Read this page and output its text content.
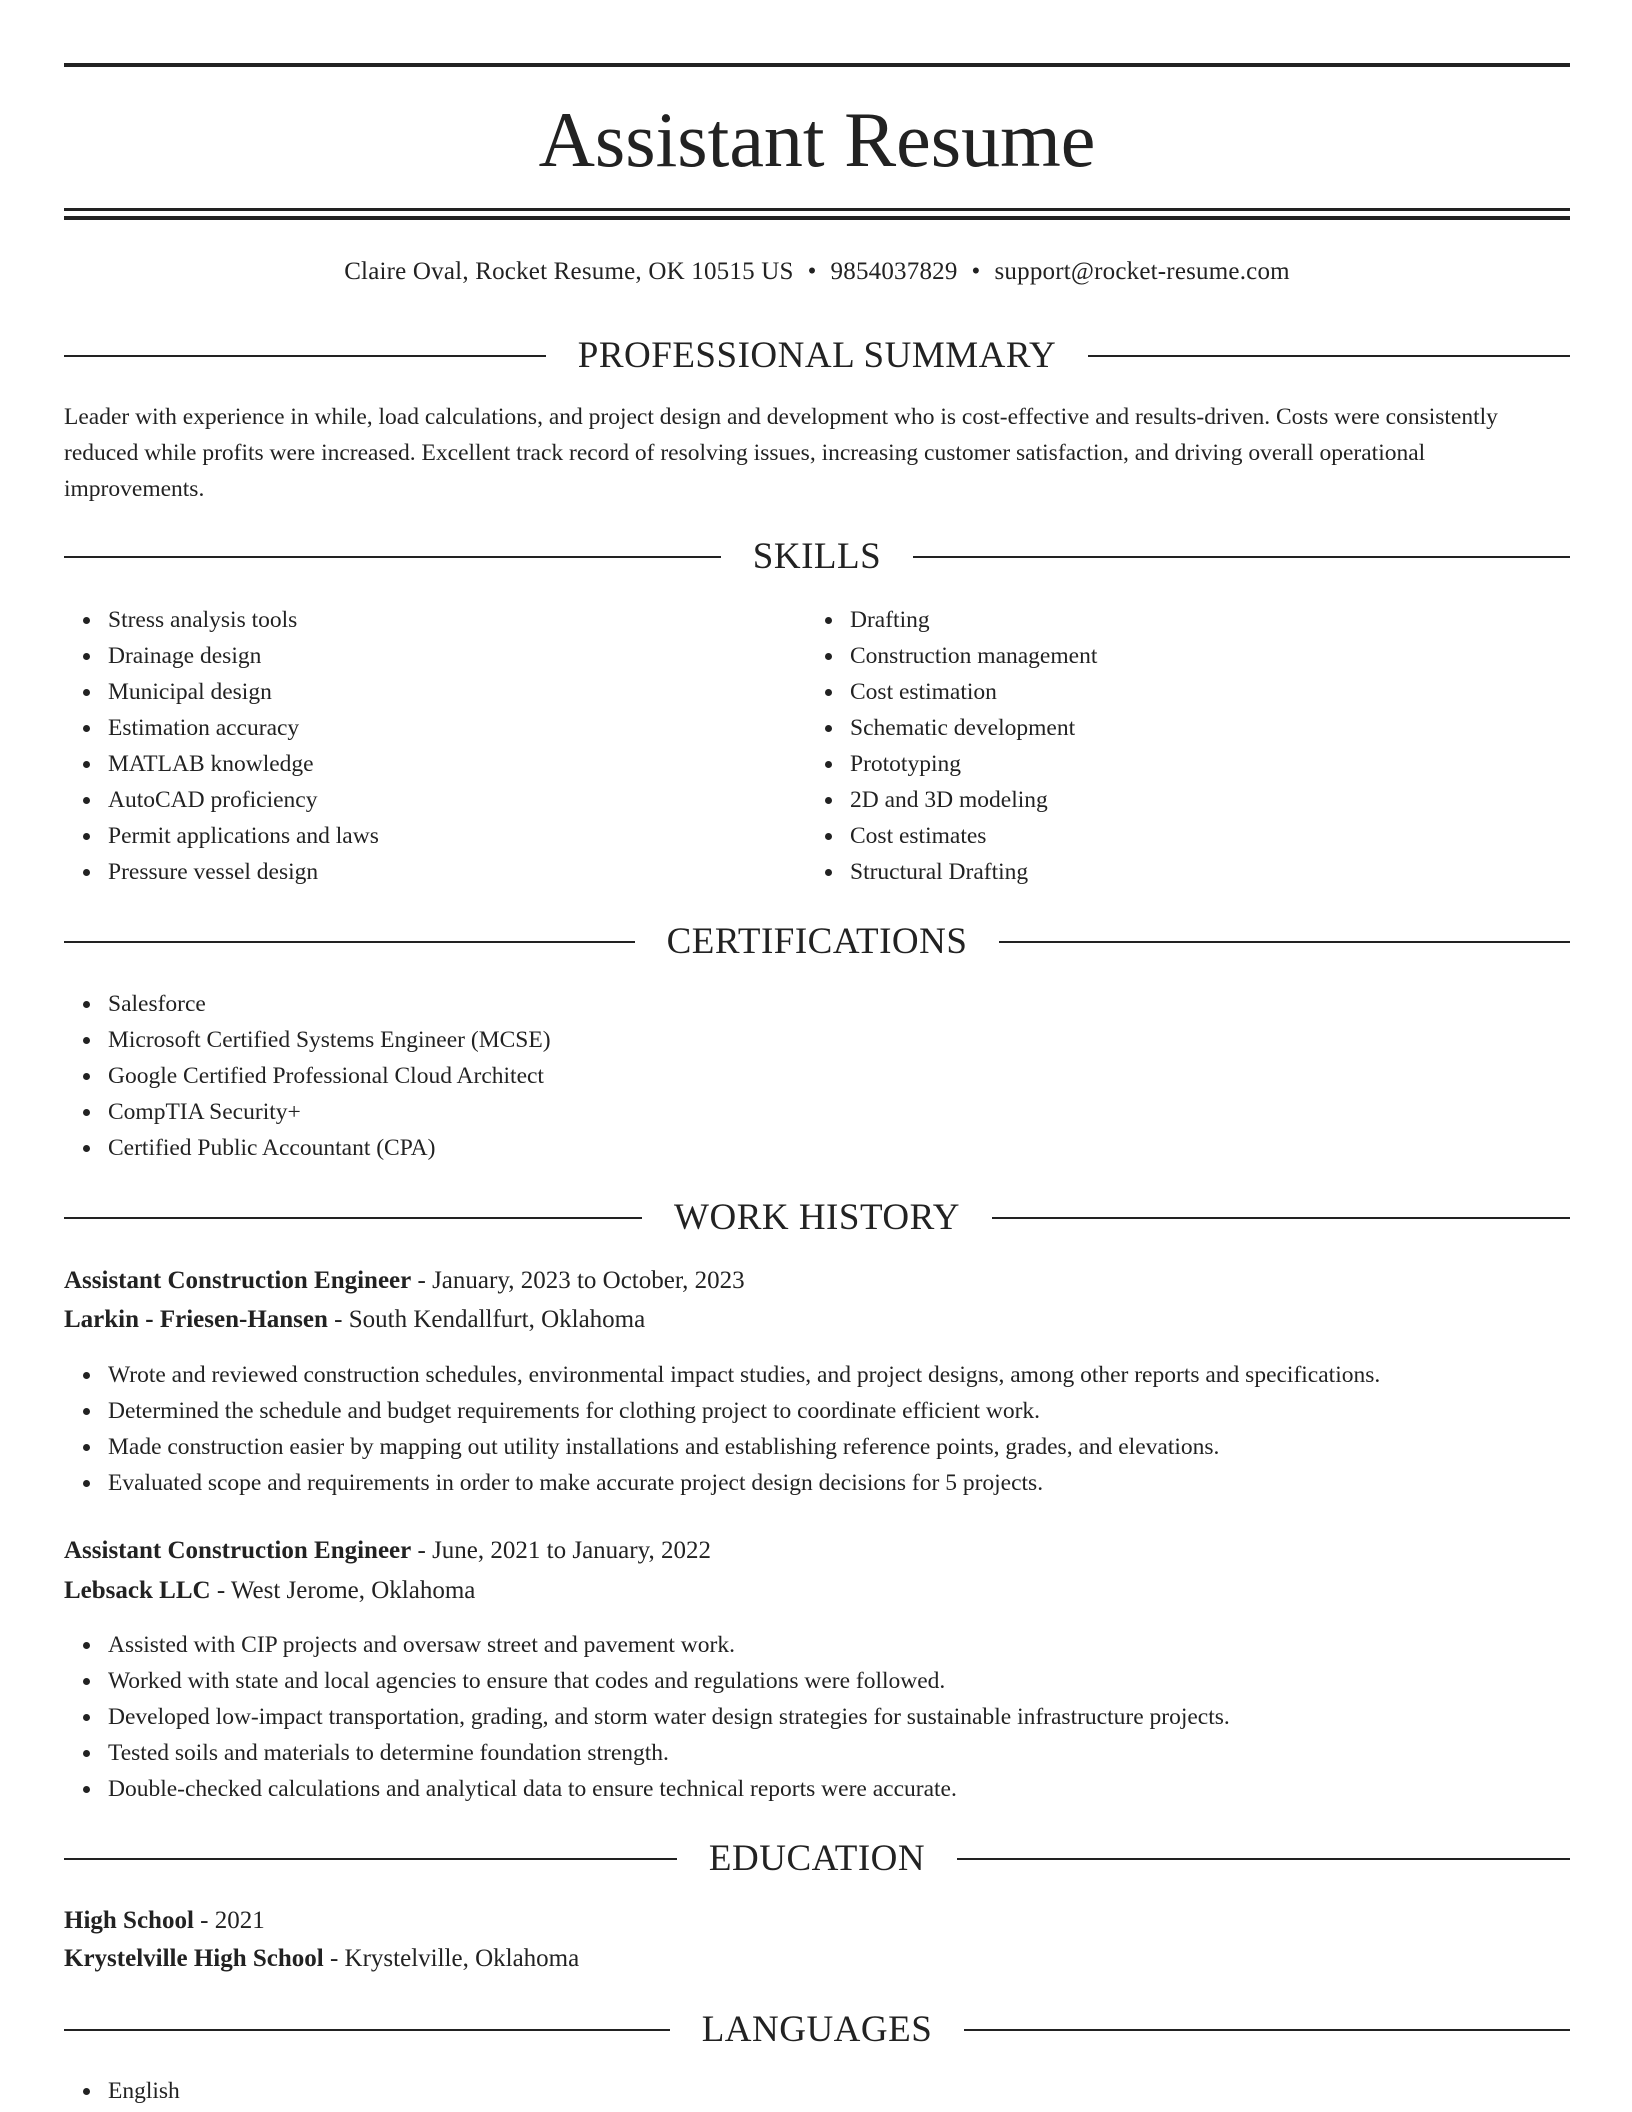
Assistant Resume
Claire Oval, Rocket Resume, OK 10515 US • 9854037829 • support@rocket-resume.com
PROFESSIONAL SUMMARY

Leader with experience in while, load calculations, and project design and development who is cost-effective and results-driven. Costs were consistently reduced while profits were increased. Excellent track record of resolving issues, increasing customer satisfaction, and driving overall operational improvements.

SKILLS
Stress analysis tools
Drainage design
Municipal design
Estimation accuracy
MATLAB knowledge
AutoCAD proficiency
Permit applications and laws
Pressure vessel design
Drafting
Construction management
Cost estimation
Schematic development
Prototyping
2D and 3D modeling
Cost estimates
Structural Drafting
CERTIFICATIONS
Salesforce
Microsoft Certified Systems Engineer (MCSE)
Google Certified Professional Cloud Architect
CompTIA Security+
Certified Public Accountant (CPA)
WORK HISTORY
Assistant Construction Engineer - January, 2023 to October, 2023
Larkin - Friesen-Hansen - South Kendallfurt, Oklahoma
Wrote and reviewed construction schedules, environmental impact studies, and project designs, among other reports and specifications.
Determined the schedule and budget requirements for clothing project to coordinate efficient work.
Made construction easier by mapping out utility installations and establishing reference points, grades, and elevations.
Evaluated scope and requirements in order to make accurate project design decisions for 5 projects.
Assistant Construction Engineer - June, 2021 to January, 2022
Lebsack LLC - West Jerome, Oklahoma
Assisted with CIP projects and oversaw street and pavement work.
Worked with state and local agencies to ensure that codes and regulations were followed.
Developed low-impact transportation, grading, and storm water design strategies for sustainable infrastructure projects.
Tested soils and materials to determine foundation strength.
Double-checked calculations and analytical data to ensure technical reports were accurate.
EDUCATION
High School - 2021
Krystelville High School - Krystelville, Oklahoma
LANGUAGES
English
